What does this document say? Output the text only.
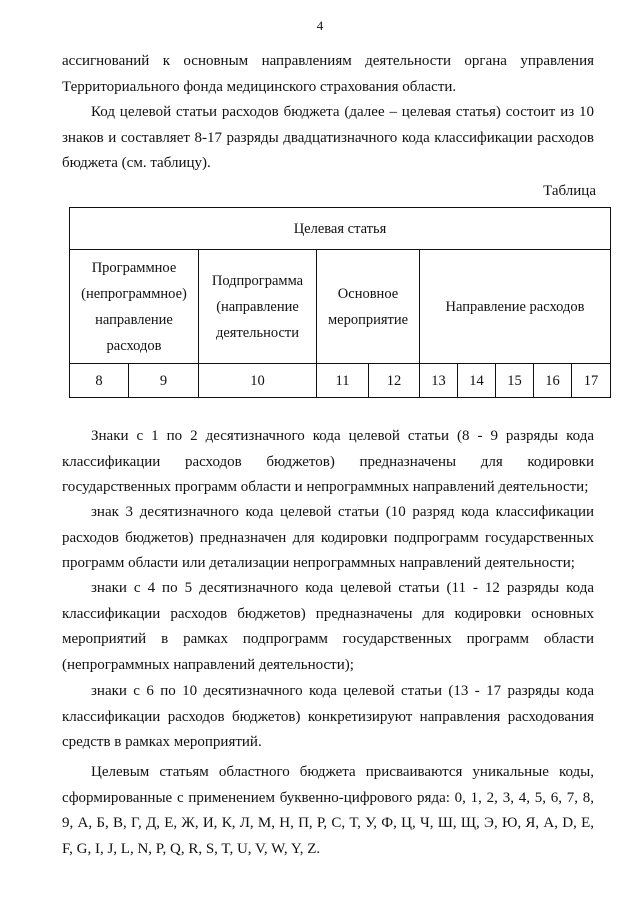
4

ассигнований к основным направлениям деятельности органа управления Территориального фонда медицинского страхования области.

Код целевой статьи расходов бюджета (далее – целевая статья) состоит из 10 знаков и составляет 8-17 разряды двадцатизначного кода классификации расходов бюджета (см. таблицу).

Таблица
Целевая статья									
Программное (непрограммное) направление расходов		Подпрограмма (направление деятельности	Основное мероприятие		Направление расходов				
8	9	10	11	12	13	14	15	16	17

Знаки с 1 по 2 десятизначного кода целевой статьи (8 - 9 разряды кода классификации расходов бюджетов) предназначены для кодировки государственных программ области и непрограммных направлений деятельности;

знак 3 десятизначного кода целевой статьи (10 разряд кода классификации расходов бюджетов) предназначен для кодировки подпрограмм государственных программ области или детализации непрограммных направлений деятельности;

знаки с 4 по 5 десятизначного кода целевой статьи (11 - 12 разряды кода классификации расходов бюджетов) предназначены для кодировки основных мероприятий в рамках подпрограмм государственных программ области (непрограммных направлений деятельности);

знаки с 6 по 10 десятизначного кода целевой статьи (13 - 17 разряды кода классификации расходов бюджетов) конкретизируют направления расходования средств в рамках мероприятий.

Целевым статьям областного бюджета присваиваются уникальные коды, сформированные с применением буквенно-цифрового ряда: 0, 1, 2, 3, 4, 5, 6, 7, 8, 9, А, Б, В, Г, Д, Е, Ж, И, К, Л, М, Н, П, Р, С, Т, У, Ф, Ц, Ч, Ш, Щ, Э, Ю, Я, A, D, E, F, G, I, J, L, N, P, Q, R, S, T, U, V, W, Y, Z.
